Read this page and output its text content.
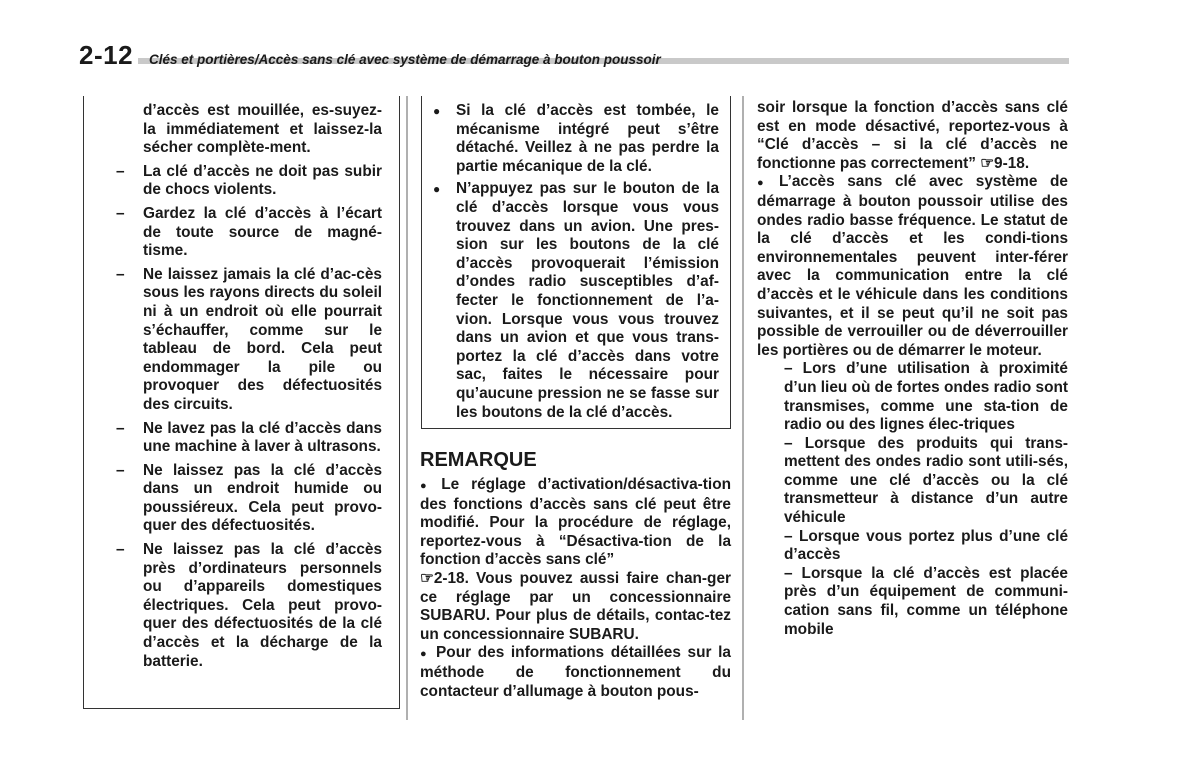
2-12 Clés et portières/Accès sans clé avec système de démarrage à bouton poussoir

d’accès est mouillée, es-suyez-la immédiatement et laissez-la sécher complète-ment.

– La clé d’accès ne doit pas subir de chocs violents.

– Gardez la clé d’accès à l’écart de toute source de magné-tisme.

– Ne laissez jamais la clé d’ac-cès sous les rayons directs du soleil ni à un endroit où elle pourrait s’échauffer, comme sur le tableau de bord. Cela peut endommager la pile ou provoquer des défectuosités des circuits.

– Ne lavez pas la clé d’accès dans une machine à laver à ultrasons.

– Ne laissez pas la clé d’accès dans un endroit humide ou poussiéreux. Cela peut provo-quer des défectuosités.

– Ne laissez pas la clé d’accès près d’ordinateurs personnels ou d’appareils domestiques électriques. Cela peut provo-quer des défectuosités de la clé d’accès et la décharge de la batterie.

● Si la clé d’accès est tombée, le mécanisme intégré peut s’être détaché. Veillez à ne pas perdre la partie mécanique de la clé.

● N’appuyez pas sur le bouton de la clé d’accès lorsque vous vous trouvez dans un avion. Une pres-sion sur les boutons de la clé d’accès provoquerait l’émission d’ondes radio susceptibles d’af-fecter le fonctionnement de l’a-vion. Lorsque vous vous trouvez dans un avion et que vous trans-portez la clé d’accès dans votre sac, faites le nécessaire pour qu’aucune pression ne se fasse sur les boutons de la clé d’accès.

REMARQUE

● Le réglage d’activation/désactiva-tion des fonctions d’accès sans clé peut être modifié. Pour la procédure de réglage, reportez-vous à “Désactiva-tion de la fonction d’accès sans clé”
☞2-18. Vous pouvez aussi faire chan-ger ce réglage par un concessionnaire SUBARU. Pour plus de détails, contac-tez un concessionnaire SUBARU.

● Pour des informations détaillées sur la méthode de fonctionnement du contacteur d’allumage à bouton pous-

soir lorsque la fonction d’accès sans clé est en mode désactivé, reportez-vous à “Clé d’accès – si la clé d’accès ne fonctionne pas correctement” ☞9-18.

● L’accès sans clé avec système de démarrage à bouton poussoir utilise des ondes radio basse fréquence. Le statut de la clé d’accès et les condi-tions environnementales peuvent inter-férer avec la communication entre la clé d’accès et le véhicule dans les conditions suivantes, et il se peut qu’il ne soit pas possible de verrouiller ou de déverrouiller les portières ou de démarrer le moteur.

– Lors d’une utilisation à proximité d’un lieu où de fortes ondes radio sont transmises, comme une sta-tion de radio ou des lignes élec-triques

– Lorsque des produits qui trans-mettent des ondes radio sont utili-sés, comme une clé d’accès ou la clé transmetteur à distance d’un autre véhicule

– Lorsque vous portez plus d’une clé d’accès

– Lorsque la clé d’accès est placée près d’un équipement de communi-cation sans fil, comme un téléphone mobile
